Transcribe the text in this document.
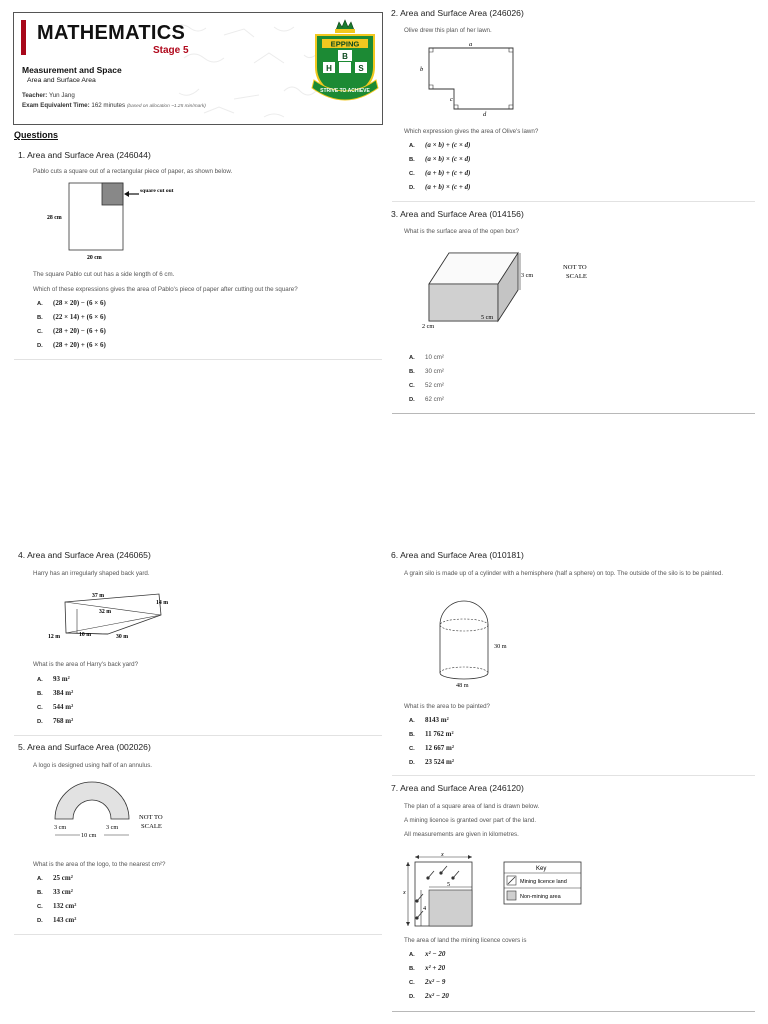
MATHEMATICS
Stage 5
Measurement and Space
Area and Surface Area
Teacher: Yun Jang
Exam Equivalent Time: 162 minutes (based on allocation ~1.25 min/mark)
EPPING
B
H	S
STRIVE TO ACHIEVE
Questions
1. Area and Surface Area (246044)
Pablo cuts a square out of a rectangular piece of paper, as shown below.
square cut out
28 cm
20 cm
The square Pablo cut out has a side length of 6 cm.
Which of these expressions gives the area of Pablo's piece of paper after cutting out the square?
A. (28 × 20) − (6 × 6)
B. (22 × 14) + (6 × 6)
C. (28 + 20) − (6 + 6)
D. (28 + 20) + (6 × 6)
2. Area and Surface Area (246026)
Olive drew this plan of her lawn.
a
b
c
d
Which expression gives the area of Olive's lawn?
A. (a × b) + (c × d)
B. (a × b) × (c × d)
C. (a + b) + (c + d)
D. (a + b) × (c + d)
3. Area and Surface Area (014156)
What is the surface area of the open box?
3 cm
5 cm
2 cm
NOT TO
SCALE
A. 10 cm²
B. 30 cm²
C. 52 cm²
D. 62 cm²
4. Area and Surface Area (246065)
Harry has an irregularly shaped back yard.
37 m
14 m
32 m
12 m	10 m	30 m
What is the area of Harry's back yard?
A. 93 m²
B. 384 m²
C. 544 m²
D. 768 m²
5. Area and Surface Area (002026)
A logo is designed using half of an annulus.
3 cm	3 cm
10 cm
NOT TO
SCALE
What is the area of the logo, to the nearest cm²?
A. 25 cm²
B. 33 cm²
C. 132 cm²
D. 143 cm²
6. Area and Surface Area (010181)
A grain silo is made up of a cylinder with a hemisphere (half a sphere) on top. The outside of the silo is to be painted.
30 m
48 m
What is the area to be painted?
A. 8143 m²
B. 11 762 m²
C. 12 667 m²
D. 23 524 m²
7. Area and Surface Area (246120)
The plan of a square area of land is drawn below.
A mining licence is granted over part of the land.
All measurements are given in kilometres.
x
x
5
4
Key
Mining licence land
Non-mining area
The area of land the mining licence covers is
A. x² − 20
B. x² + 20
C. 2x² − 9
D. 2x² − 20
